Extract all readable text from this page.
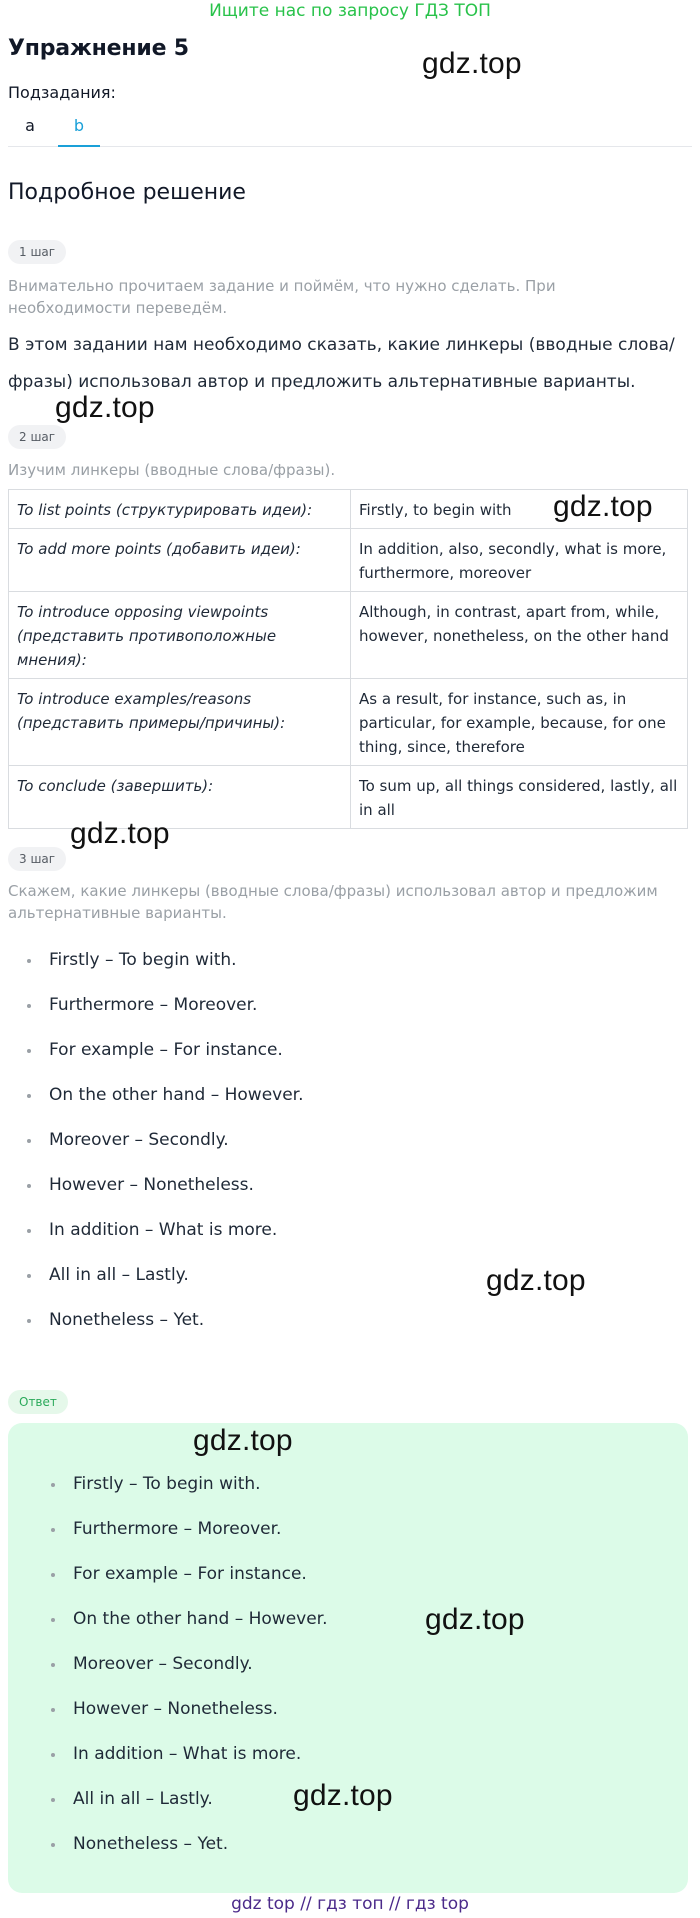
Ищите нас по запросу ГДЗ ТОП
Упражнение 5	gdz.top
Подзадания:
a	b
Подробное решение
1 шаг
Внимательно прочитаем задание и поймём, что нужно сделать. При необходимости переведём.
В этом задании нам необходимо сказать, какие линкеры (вводные слова/фразы) использовал автор и предложить альтернативные варианты.
gdz.top
2 шаг
Изучим линкеры (вводные слова/фразы).
To list points (структурировать идеи):	Firstly, to begin with
To add more points (добавить идеи):	In addition, also, secondly, what is more, furthermore, moreover
To introduce opposing viewpoints (представить противоположные мнения):	Although, in contrast, apart from, while, however, nonetheless, on the other hand
To introduce examples/reasons (представить примеры/причины):	As a result, for instance, such as, in particular, for example, because, for one thing, since, therefore
To conclude (завершить):	To sum up, all things considered, lastly, all in all
gdz.top
gdz.top
3 шаг
Скажем, какие линкеры (вводные слова/фразы) использовал автор и предложим альтернативные варианты.
Firstly – To begin with.
Furthermore – Moreover.
For example – For instance.
On the other hand – However.
Moreover – Secondly.
However – Nonetheless.
In addition – What is more.
All in all – Lastly.
Nonetheless – Yet.
gdz.top
Ответ
gdz.top
Firstly – To begin with.
Furthermore – Moreover.
For example – For instance.
On the other hand – However.
Moreover – Secondly.
However – Nonetheless.
In addition – What is more.
All in all – Lastly.
Nonetheless – Yet.
gdz.top
gdz.top
gdz top // гдз топ // гдз top
